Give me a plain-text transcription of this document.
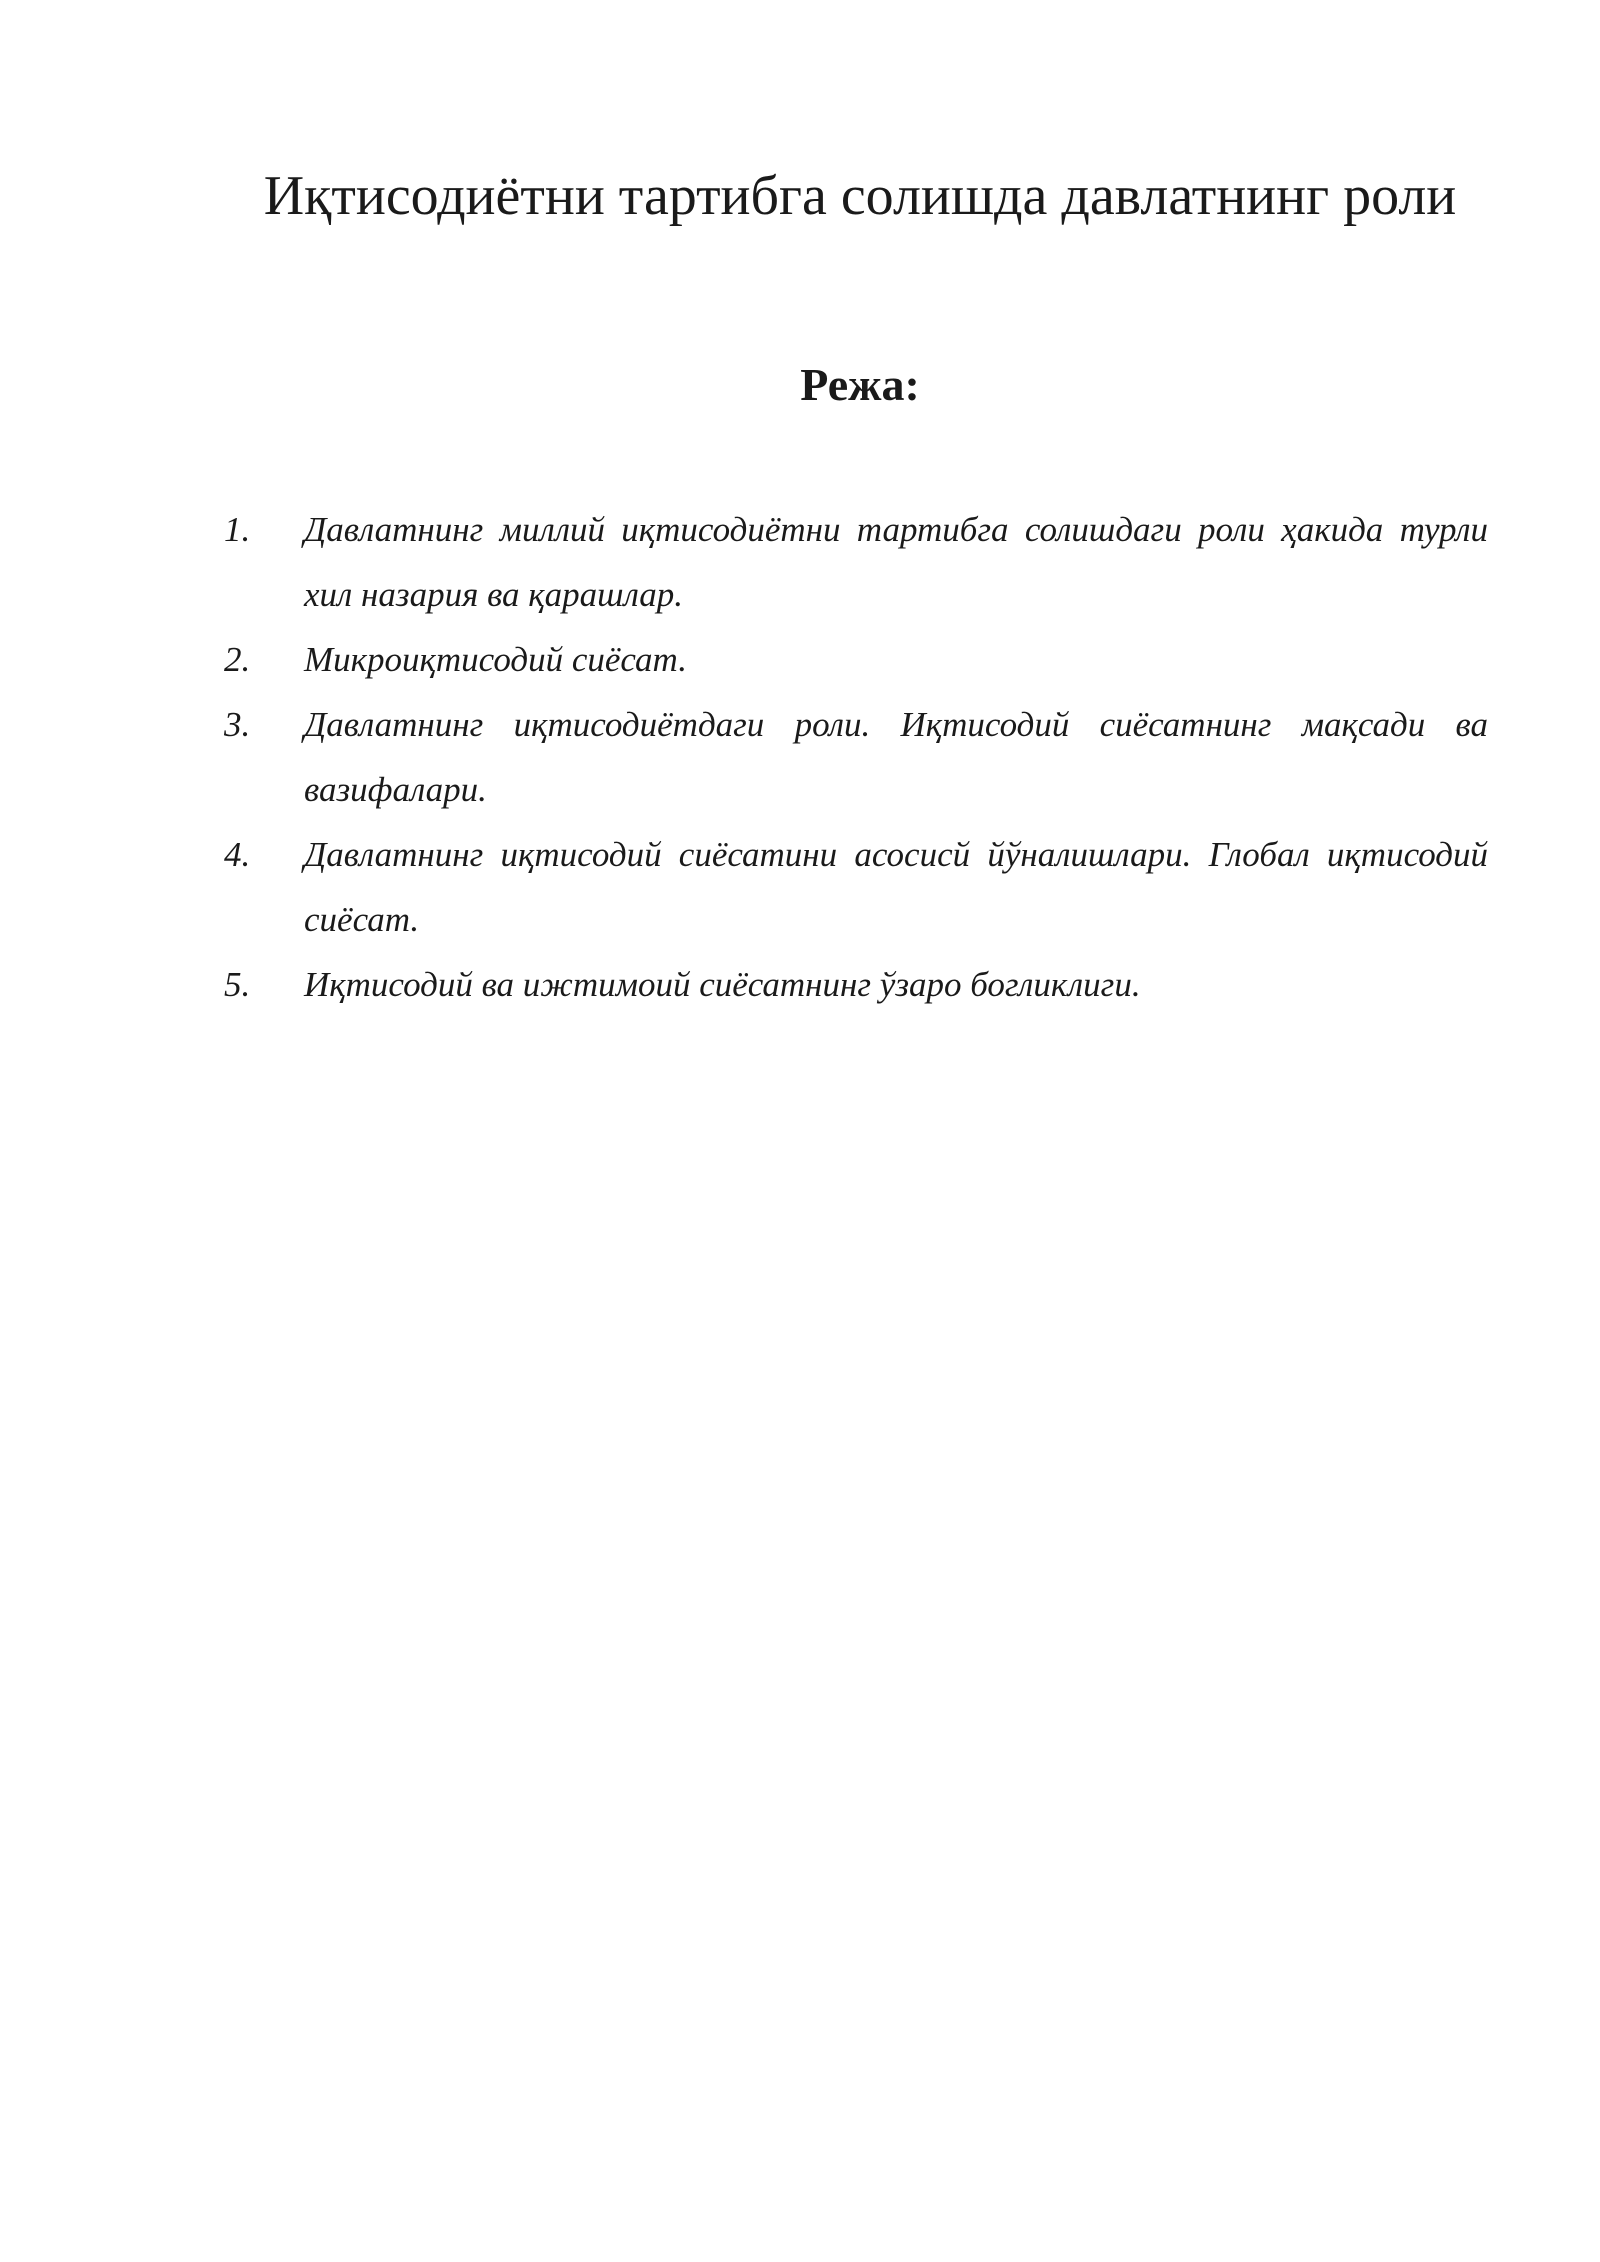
Иқтисодиётни тартибга солишда давлатнинг роли
Режа:
1.	Давлатнинг миллий иқтисодиётни тартибга солишдаги роли ҳакида турли хил назария ва қарашлар.
2.	Микроиқтисодий сиёсат.
3.	Давлатнинг иқтисодиётдаги роли. Иқтисодий сиёсатнинг мақсади ва вазифалари.
4.	Давлатнинг иқтисодий сиёсатини асосисй йўналишлари. Глобал иқтисодий сиёсат.
5.	Иқтисодий ва ижтимоий сиёсатнинг ўзаро богликлиги.
